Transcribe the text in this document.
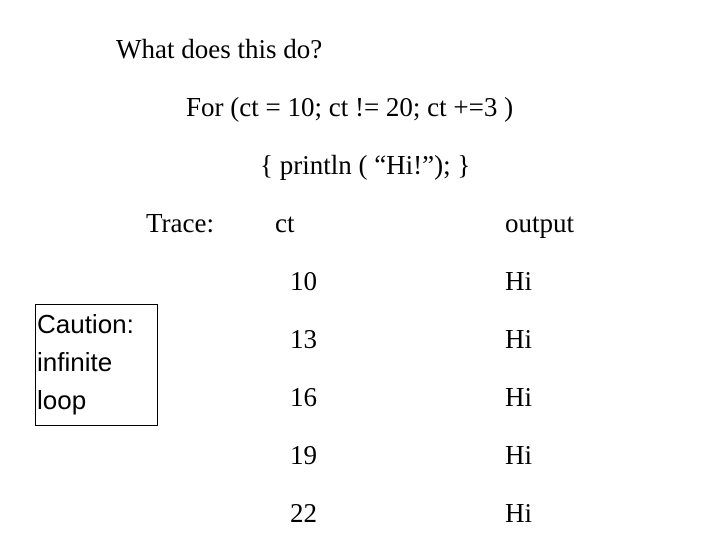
What does this do?
For (ct = 10; ct != 20; ct +=3 )
{ println ( “Hi!”); }
Trace: ct	output
10	Hi
13	Hi
16	Hi
19	Hi
22	Hi
Caution:
infinite
loop
